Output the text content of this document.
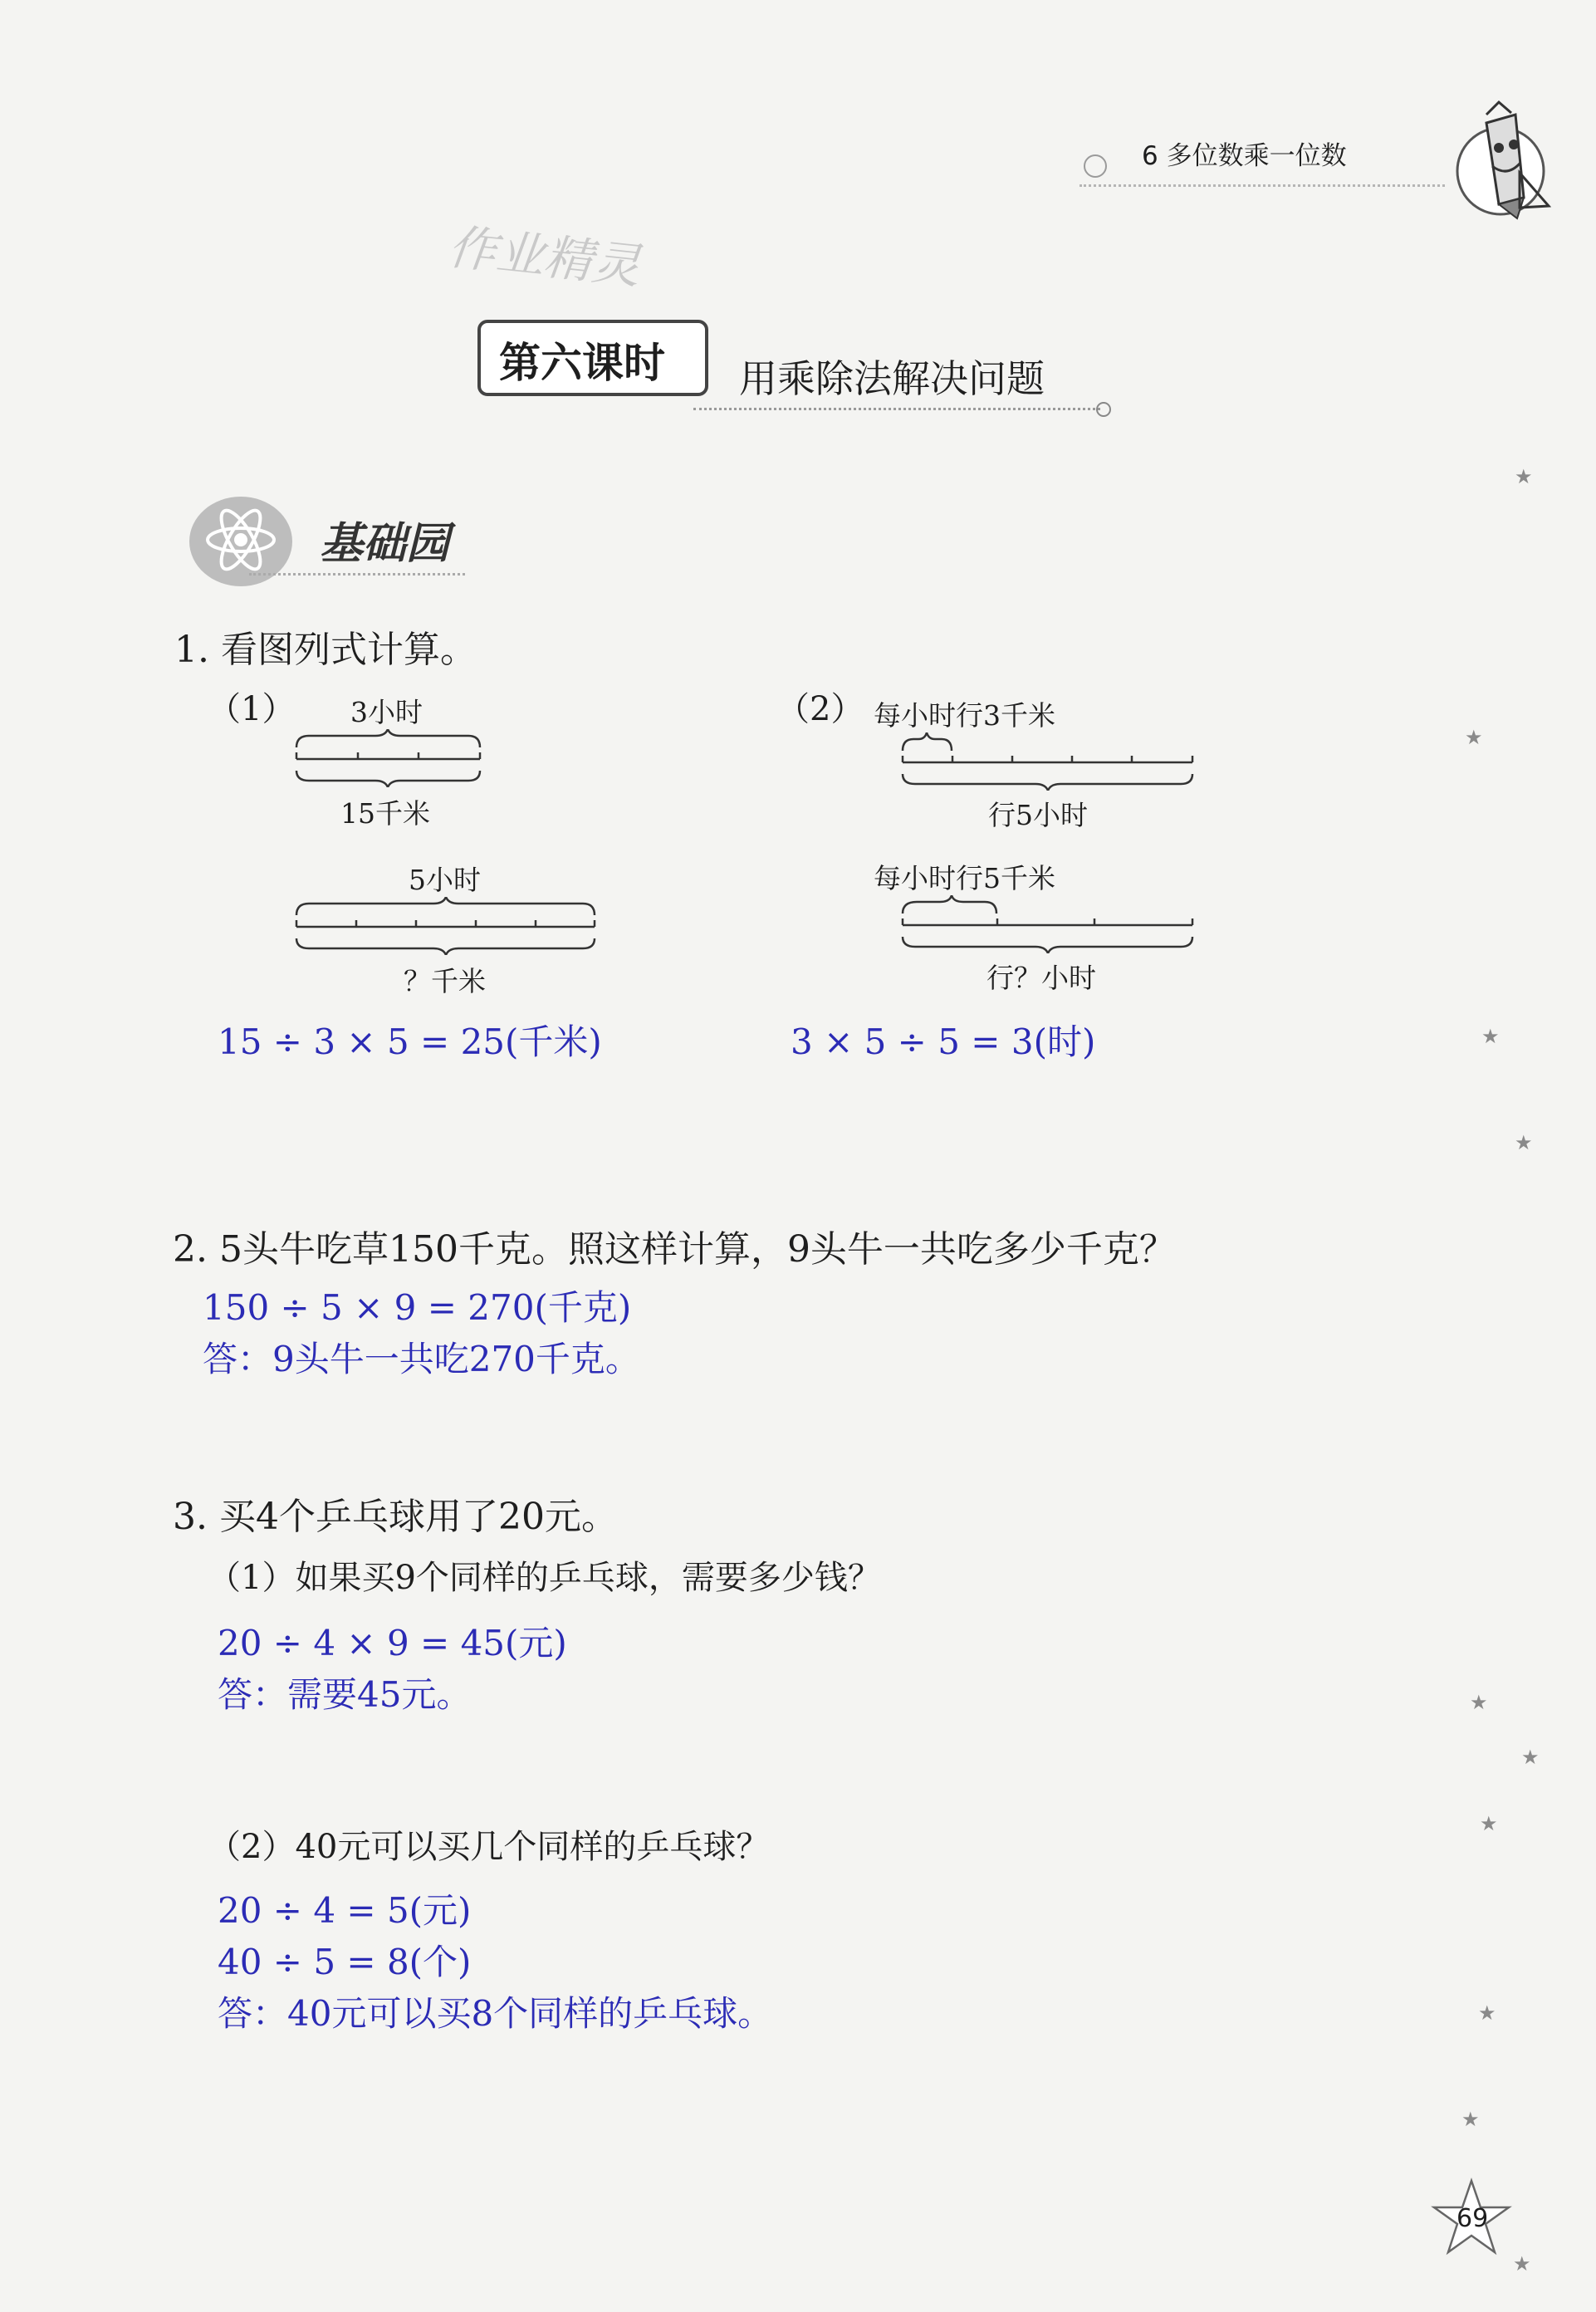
6 多位数乘一位数
作业精灵
第六课时 用乘除法解决问题
基础园
1. 看图列式计算。
（1） 3小时
15千米
5小时
？千米
15 ÷ 3 × 5 = 25(千米)
（2） 每小时行3千米
行5小时
每小时行5千米
行？小时
3 × 5 ÷ 5 = 3(时)
2. 5头牛吃草150千克。照这样计算，9头牛一共吃多少千克？
150 ÷ 5 × 9 = 270(千克)
答：9头牛一共吃270千克。
3. 买4个乒乓球用了20元。
（1）如果买9个同样的乒乓球，需要多少钱？
20 ÷ 4 × 9 = 45(元)
答：需要45元。
（2）40元可以买几个同样的乒乓球？
20 ÷ 4 = 5(元)
40 ÷ 5 = 8(个)
答：40元可以买8个同样的乒乓球。
★
★
★
★
★
★
★
★
★
★
69
